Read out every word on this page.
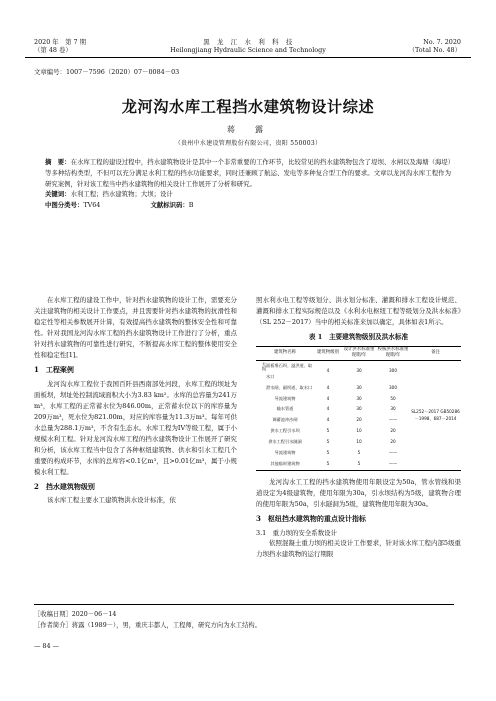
2020 年　第 7 期
（第 48 卷）
黑　龙　江　水　利　科　技
Heilongjiang Hydraulic Science and Technology
No. 7. 2020
（Total No. 48）
文章编号：1007－7596（2020）07－0084－03
龙河沟水库工程挡水建筑物设计综述
蒋　露
（贵州中水建设管理股份有限公司，贵阳 550003）
摘　要：在水库工程的建设过程中，挡水建筑物设计是其中一个非常重要的工作环节，比较常见的挡水建筑物包含了堤坝、水闸以及海塘（海堤）等多种结构类型，不但可以充分满足水利工程的挡水功能要求，同时还兼顾了航运、发电等多种复合型工作的要求。文章以龙河沟水库工程作为研究案例，针对该工程当中挡水建筑物的相关设计工作展开了分析和研究。
关键词：水利工程；挡水建筑物；大坝；设计
中图分类号：TV64	文献标识码：B
在水库工程的建设工作中，针对挡水建筑物的设计工作，需要充分关注建筑物的相关设计工作要点，并且需要针对挡水建筑物的抗滑性和稳定性等相关参数展开计算，有效提高挡水建筑物的整体安全性和可靠性。针对我国龙河沟水库工程的挡水建筑物设计工作进行了分析，重点针对挡水建筑物的可靠性进行研究，不断提高水库工程的整体使用安全性和稳定性[1]。
1　工程案例
龙河沟水库工程位于我国百阡县西南部处河段，水库工程的坝址为面板坝，坝址处控制流域面积大小为3.83 km²。水库的总容量为241万m³，水库工程的正常蓄水位为846.00m，正常蓄水位以下的库容量为209万m³，死水位为821.00m，对应的库容量为11.3万m³。每年可供水总量为288.1万m³，不含有生态水。水库工程为IV等级工程，属于小规模水利工程。针对龙河沟水库工程的挡水建筑物设计工作展开了研究和分析，该水库工程当中包含了各种枢纽建筑物、供水和引水工程几个重要的构成环节，水库的总库容<0.1亿m³，且>0.01亿m³，属于小规模水利工程。
2　挡水建筑物级别
该水库工程主要水工建筑物洪水设计标准，依
照水利水电工程等级划分、洪水划分标准、灌溉和排水工程设计规范、灌溉和排水工程实际规范以及《水利水电枢纽工程等级划分及洪水标准》（SL 252－2017）当中的相关标准来加以确定，具体如表1所示。
表 1　主要建筑物级别及洪水标准
建筑物名称	建筑物级别	设计洪水标准重现期/年	校核洪水标准重现期/年	备注
面板堆石坝、溢洪道、取水口
大坝	4	30	300	SL252－2017 GB50286－1998、687－2014
泄水闸、副坝道、取水口	4	30	300	
导流建筑物	4	30	50	
输水管道	4	30	30	
调蓄池冲沙闸	4	20	——	
供水工程引水坝	5	10	20	
供水工程引水隧洞	5	10	20	
导流建筑物	5	5	——	
其他临时建筑物	5	5	——	
龙河沟水工工程的挡水建筑物使用年限设定为50a，管水管线和渠道设定为4级建筑物，使用年限为30a，引水坝结构为5级，建筑物合理的使用年限为50a，引水隧洞为5级，建筑物使用年限为30a。
3　枢纽挡水建筑物的重点设计指标
3.1　重力坝的安全系数设计
依照混凝土重力坝的相关设计工作要求，针对该水库工程内部5级重力坝挡水建筑物的运行期限
［收稿日期］2020－06－14
［作者简介］蒋露（1989－），男，重庆丰都人，工程师，研究方向为水工结构。
— 84 —
